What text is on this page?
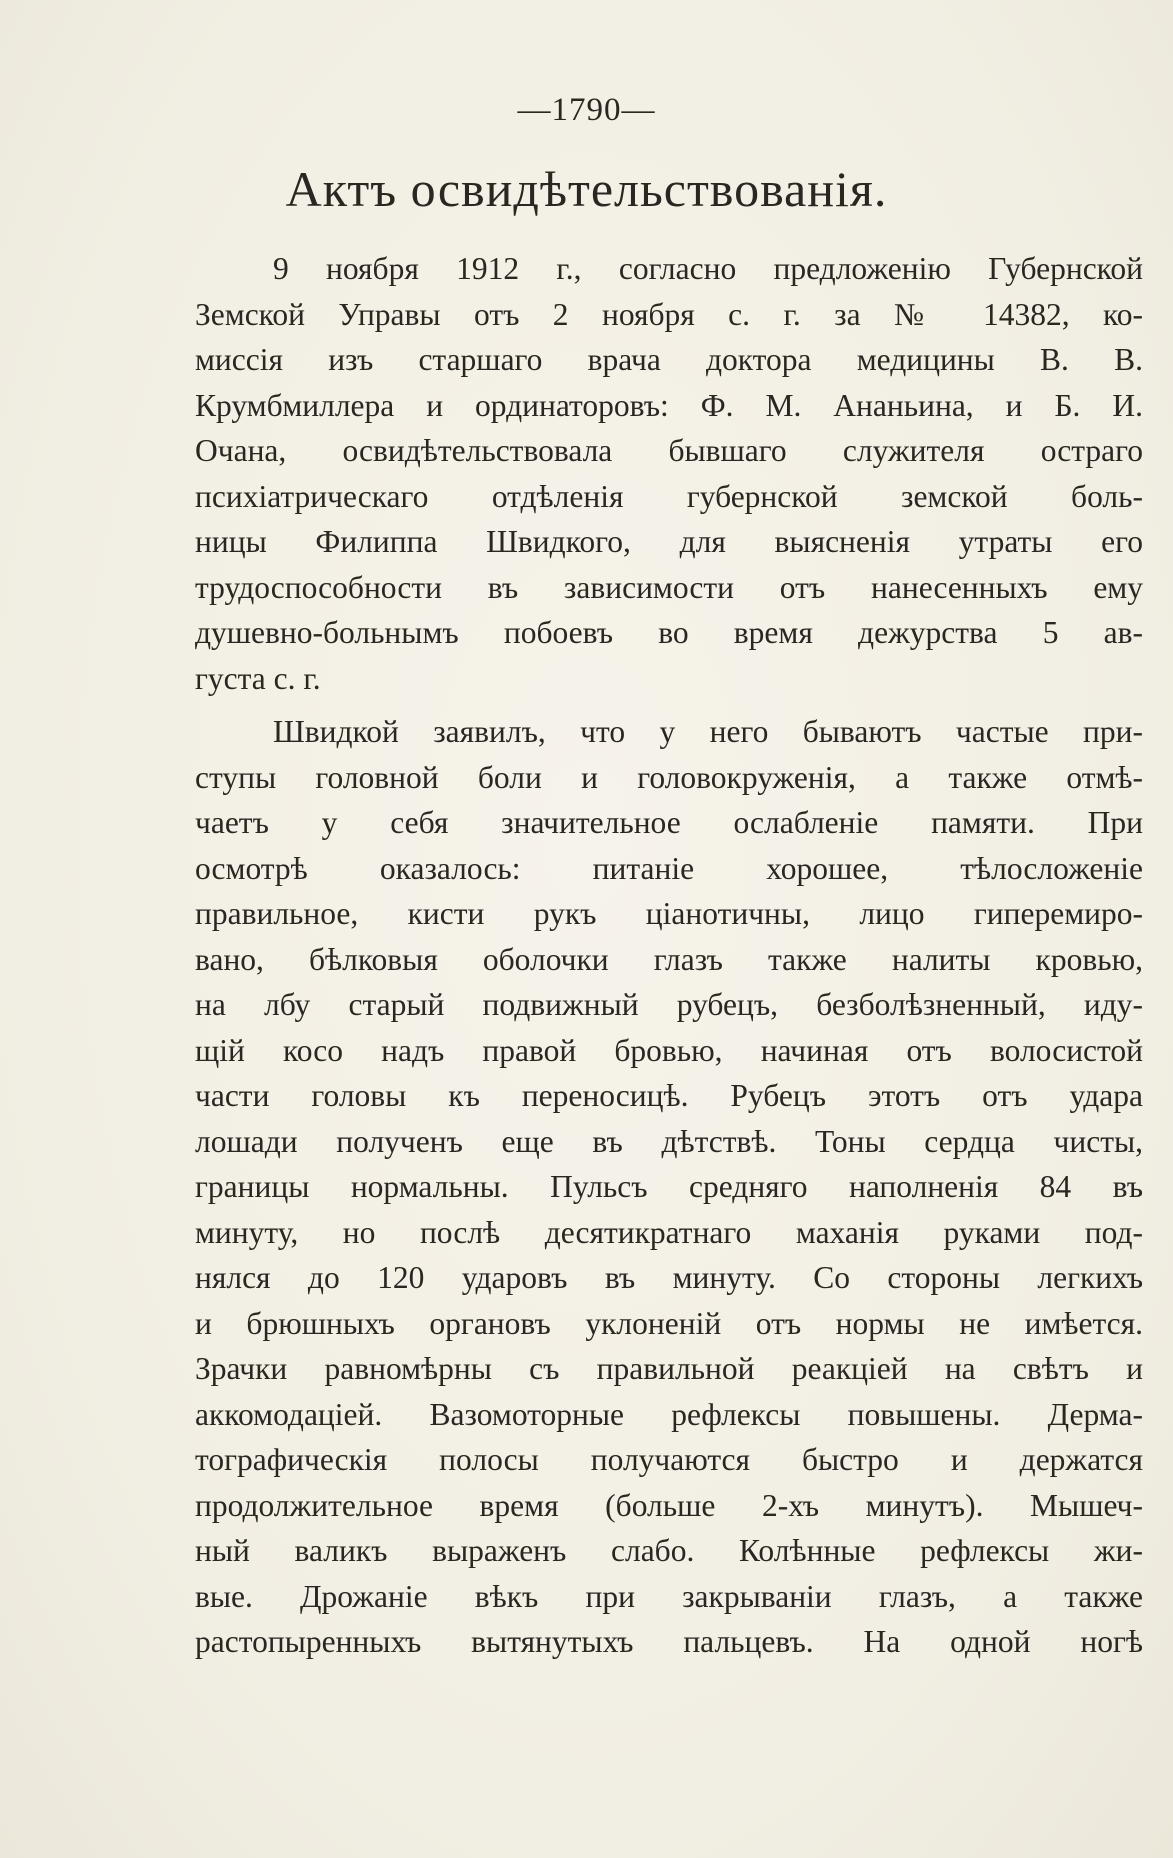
—1790—
Актъ освидѣтельствованія.
9 ноября 1912 г., согласно предложенію Губернской
Земской Управы отъ 2 ноября с. г. за № 14382, ко-
миссія изъ старшаго врача доктора медицины В. В.
Крумбмиллера и ординаторовъ: Ф. М. Ананьина, и Б. И.
Очана, освидѣтельствовала бывшаго служителя остраго
психіатрическаго отдѣленія губернской земской боль-
ницы Филиппа Швидкого, для выясненія утраты его
трудоспособности въ зависимости отъ нанесенныхъ ему
душевно-больнымъ побоевъ во время дежурства 5 ав-
густа с. г.
Швидкой заявилъ, что у него бываютъ частые при-
ступы головной боли и головокруженія, а также отмѣ-
чаетъ у себя значительное ослабленіе памяти. При
осмотрѣ оказалось: питаніе хорошее, тѣлосложеніе
правильное, кисти рукъ ціанотичны, лицо гиперемиро-
вано, бѣлковыя оболочки глазъ также налиты кровью,
на лбу старый подвижный рубецъ, безболѣзненный, иду-
щій косо надъ правой бровью, начиная отъ волосистой
части головы къ переносицѣ. Рубецъ этотъ отъ удара
лошади полученъ еще въ дѣтствѣ. Тоны сердца чисты,
границы нормальны. Пульсъ средняго наполненія 84 въ
минуту, но послѣ десятикратнаго маханія руками под-
нялся до 120 ударовъ въ минуту. Со стороны легкихъ
и брюшныхъ органовъ уклоненій отъ нормы не имѣется.
Зрачки равномѣрны съ правильной реакціей на свѣтъ и
аккомодаціей. Вазомоторные рефлексы повышены. Дерма-
тографическія полосы получаются быстро и держатся
продолжительное время (больше 2-хъ минутъ). Мышеч-
ный валикъ выраженъ слабо. Колѣнные рефлексы жи-
вые. Дрожаніе вѣкъ при закрываніи глазъ, а также
растопыренныхъ вытянутыхъ пальцевъ. На одной ногѣ
